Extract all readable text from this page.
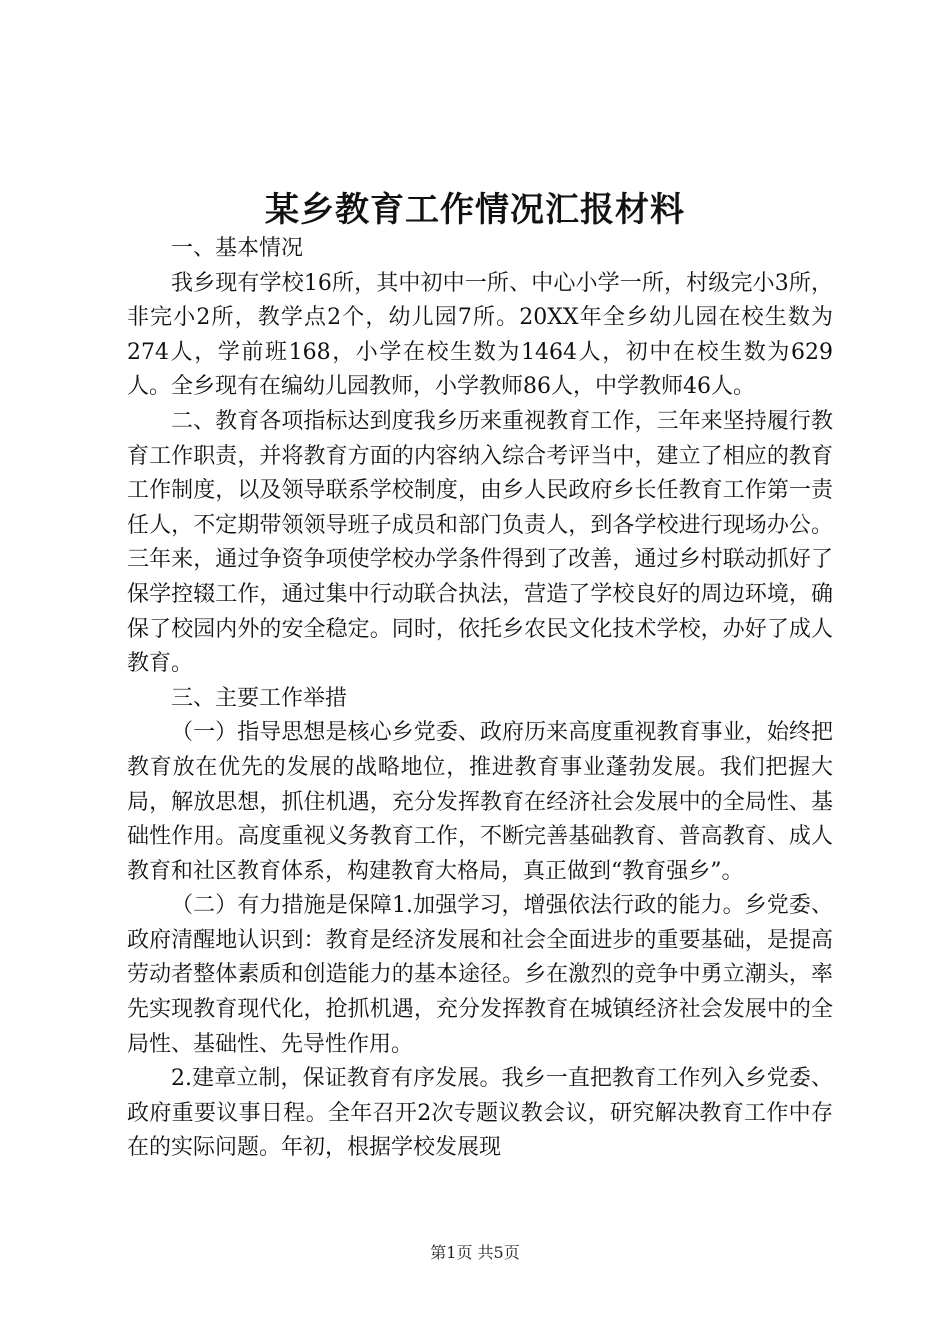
某乡教育工作情况汇报材料

一、基本情况

我乡现有学校16所，其中初中一所、中心小学一所，村级完小3所，非完小2所，教学点2个，幼儿园7所。20XX年全乡幼儿园在校生数为274人，学前班168，小学在校生数为1464人，初中在校生数为629人。全乡现有在编幼儿园教师，小学教师86人，中学教师46人。

二、教育各项指标达到度我乡历来重视教育工作，三年来坚持履行教育工作职责，并将教育方面的内容纳入综合考评当中，建立了相应的教育工作制度，以及领导联系学校制度，由乡人民政府乡长任教育工作第一责任人，不定期带领领导班子成员和部门负责人，到各学校进行现场办公。三年来，通过争资争项使学校办学条件得到了改善，通过乡村联动抓好了保学控辍工作，通过集中行动联合执法，营造了学校良好的周边环境，确保了校园内外的安全稳定。同时，依托乡农民文化技术学校，办好了成人教育。

三、主要工作举措

（一）指导思想是核心乡党委、政府历来高度重视教育事业，始终把教育放在优先的发展的战略地位，推进教育事业蓬勃发展。我们把握大局，解放思想，抓住机遇，充分发挥教育在经济社会发展中的全局性、基础性作用。高度重视义务教育工作，不断完善基础教育、普高教育、成人教育和社区教育体系，构建教育大格局，真正做到“教育强乡”。

（二）有力措施是保障1.加强学习，增强依法行政的能力。乡党委、政府清醒地认识到：教育是经济发展和社会全面进步的重要基础，是提高劳动者整体素质和创造能力的基本途径。乡在激烈的竞争中勇立潮头，率先实现教育现代化，抢抓机遇，充分发挥教育在城镇经济社会发展中的全局性、基础性、先导性作用。

2.建章立制，保证教育有序发展。我乡一直把教育工作列入乡党委、政府重要议事日程。全年召开2次专题议教会议，研究解决教育工作中存在的实际问题。年初，根据学校发展现

第1页 共5页
